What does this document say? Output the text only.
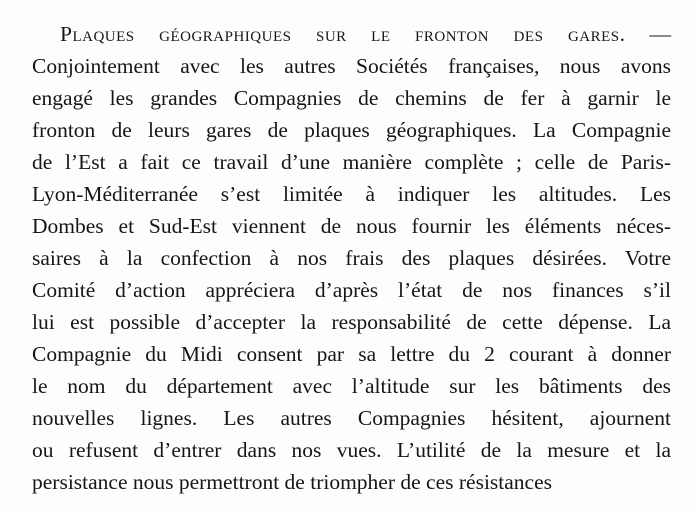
Plaques géographiques sur le fronton des gares. —
Conjointement avec les autres Sociétés françaises, nous avons
engagé les grandes Compagnies de chemins de fer à garnir le
fronton de leurs gares de plaques géographiques. La Compagnie
de l’Est a fait ce travail d’une manière complète ; celle de Paris-
Lyon-Méditerranée s’est limitée à indiquer les altitudes. Les
Dombes et Sud-Est viennent de nous fournir les éléments néces-
saires à la confection à nos frais des plaques désirées. Votre
Comité d’action appréciera d’après l’état de nos finances s’il
lui est possible d’accepter la responsabilité de cette dépense. La
Compagnie du Midi consent par sa lettre du 2 courant à donner
le nom du département avec l’altitude sur les bâtiments des
nouvelles lignes. Les autres Compagnies hésitent, ajournent
ou refusent d’entrer dans nos vues. L’utilité de la mesure et la
persistance nous permettront de triompher de ces résistances
